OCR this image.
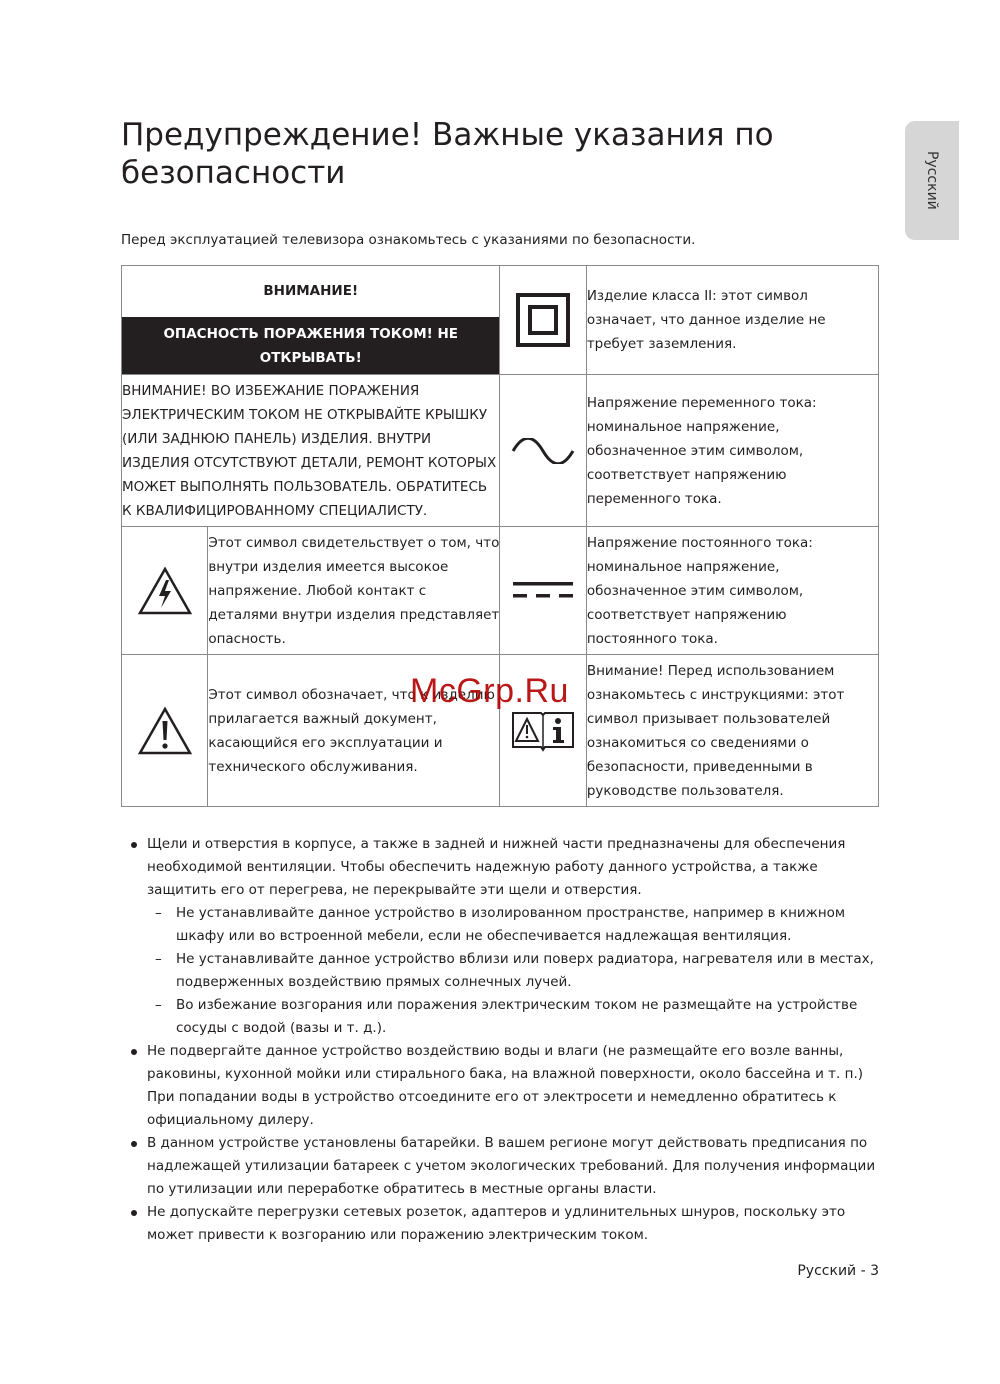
Русский
Предупреждение! Важные указания по безопасности
Перед эксплуатацией телевизора ознакомьтесь с указаниями по безопасности.
ВНИМАНИЕ!
ОПАСНОСТЬ ПОРАЖЕНИЯ ТОКОМ! НЕ ОТКРЫВАТЬ!			Изделие класса II: этот символ означает, что данное изделие не требует заземления.
ВНИМАНИЕ! ВО ИЗБЕЖАНИЕ ПОРАЖЕНИЯ ЭЛЕКТРИЧЕСКИМ ТОКОМ НЕ ОТКРЫВАЙТЕ КРЫШКУ (ИЛИ ЗАДНЮЮ ПАНЕЛЬ) ИЗДЕЛИЯ. ВНУТРИ ИЗДЕЛИЯ ОТСУТСТВУЮТ ДЕТАЛИ, РЕМОНТ КОТОРЫХ МОЖЕТ ВЫПОЛНЯТЬ ПОЛЬЗОВАТЕЛЬ. ОБРАТИТЕСЬ К КВАЛИФИЦИРОВАННОМУ СПЕЦИАЛИСТУ.			Напряжение переменного тока: номинальное напряжение, обозначенное этим символом, соответствует напряжению переменного тока.

	Этот символ свидетельствует о том, что внутри изделия имеется высокое напряжение. Любой контакт с деталями внутри изделия представляет опасность.		Напряжение постоянного тока: номинальное напряжение, обозначенное этим символом, соответствует напряжению постоянного тока.

	Этот символ обозначает, что к изделию прилагается важный документ, касающийся его эксплуатации и технического обслуживания.		Внимание! Перед использованием ознакомьтесь с инструкциями: этот символ призывает пользователей ознакомиться со сведениями о безопасности, приведенными в руководстве пользователя.
McGrp.Ru
Щели и отверстия в корпусе, а также в задней и нижней части предназначены для обеспечения необходимой вентиляции. Чтобы обеспечить надежную работу данного устройства, а также защитить его от перегрева, не перекрывайте эти щели и отверстия.
– Не устанавливайте данное устройство в изолированном пространстве, например в книжном шкафу или во встроенной мебели, если не обеспечивается надлежащая вентиляция.
– Не устанавливайте данное устройство вблизи или поверх радиатора, нагревателя или в местах, подверженных воздействию прямых солнечных лучей.
– Во избежание возгорания или поражения электрическим током не размещайте на устройстве сосуды с водой (вазы и т. д.).
Не подвергайте данное устройство воздействию воды и влаги (не размещайте его возле ванны, раковины, кухонной мойки или стирального бака, на влажной поверхности, около бассейна и т. п.) При попадании воды в устройство отсоедините его от электросети и немедленно обратитесь к официальному дилеру.
В данном устройстве установлены батарейки. В вашем регионе могут действовать предписания по надлежащей утилизации батареек с учетом экологических требований. Для получения информации по утилизации или переработке обратитесь в местные органы власти.
Не допускайте перегрузки сетевых розеток, адаптеров и удлинительных шнуров, поскольку это может привести к возгоранию или поражению электрическим током.
Русский - 3
